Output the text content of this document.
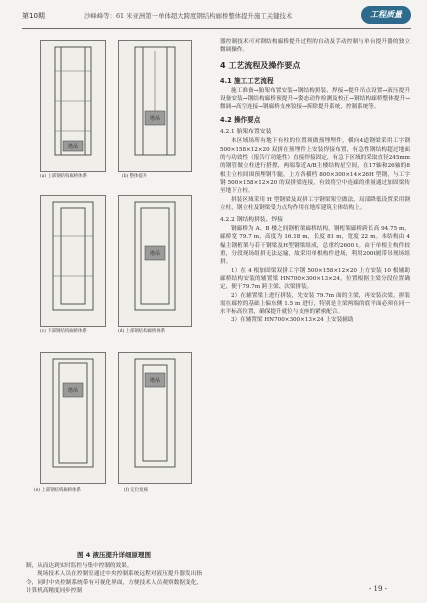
第10期	沙峰峰等：61 米亚洲第一单体超大跨度钢结构廊桥整体提升施工关键技术	工程质量
塔吊
(a) 上部钢结构廊桥体系
塔吊
(b) 整体提升
(c) 下部钢结构廊桥体系
塔吊
(d) 上部钢结构廊桥体系
塔吊
(e) 上部钢结构廊桥体系
塔吊
(f) 定位复核
图 4 液压提升详细原理图

制，从而达到实时监控与集中控制的效果。

现场技术人员在控制室通过中央控制系统远程对液压提升器发出指令，同时中央控制系统带有可视化界面，方便技术人员观察数据变化，计算机高精度同步控制

器控制技术可对钢结构廊桥提升过程的自动及手动控制与单台提升器的独立微调操作。

4 工艺流程及操作要点
4.1 施工工艺流程

施工准备→胎架布置安装→钢结构拼装、焊接→提升吊点设置→液压提升设备安装→钢结构廊桥预提升→姿态动作检测及校正→钢结构廊桥整体提升→微调→高空连接→钢廊桥支座铰接→拆除提升系统，控制系统等。

4.2 操作要点
4.2.1 胎架布置安装

本区域场所有地下有柱的位置须做预埋埋件，横向4道钢梁采用工字钢 500×158×12×20 双拼在预埋件上安装焊接布置，有急性钢结构超过地面的与功效性（报告厅功能性）直接焊接固定，有急下区域的采取直径245mm的钢管做立柱进行搭撑，两端靠近A/B主楼结构星空间，在17轴和26轴的8根主立柱间围预埋钢牛腿，上方各横档 800×300×14×26H 型钢，与工字钢 500×158×12×20 的双拼梁连接，有效将空中连廊的重量通过加固梁传至地下立柱。

拼装区域采用 H 型钢梁及双拼工字钢梁架空做法，局部降低设置采用钢立柱，钢立柱及钢梁受力点均作用在地库建筑主体结构上。

4.2.2 钢结构拼装、焊接

钢廊桥为 A、B 楼之间钢桁架廊桥结构，钢桁架廊桥跨长高 94.75 m，廊桥宽 79.7 m，高度为 16.18 m，长度 81 m，宽度 22 m。本结构由 4 榀主钢桁架与若干钢梁及H型钢梁组成，总重约2600 t。由于单根主构件较重，分段现场组拼无法运输，故采用单根构件进场，利用200t履带吊现场组拼。

1）在 4 根加固梁双拼工字钢 500×158×12×20 上方安装 10 根辅助廊桥结构安装的辅置梁 HN700×300×13×24，位置根据主梁分段位置确定，便于79.7m 跨主梁、次梁拼装。

2）在辅置梁上进行拼装，先安装 79.7m 面的主梁，再安装次梁。拼装需在廊控的基础上偏东侧 1.5 m 进行，特别是主梁两端的底平面必须在同一水平标高位置，确保提升就位与支座的紧密配合。

3）在辅置梁 HN700×300×13×24 上安装辅助

- 19 -
